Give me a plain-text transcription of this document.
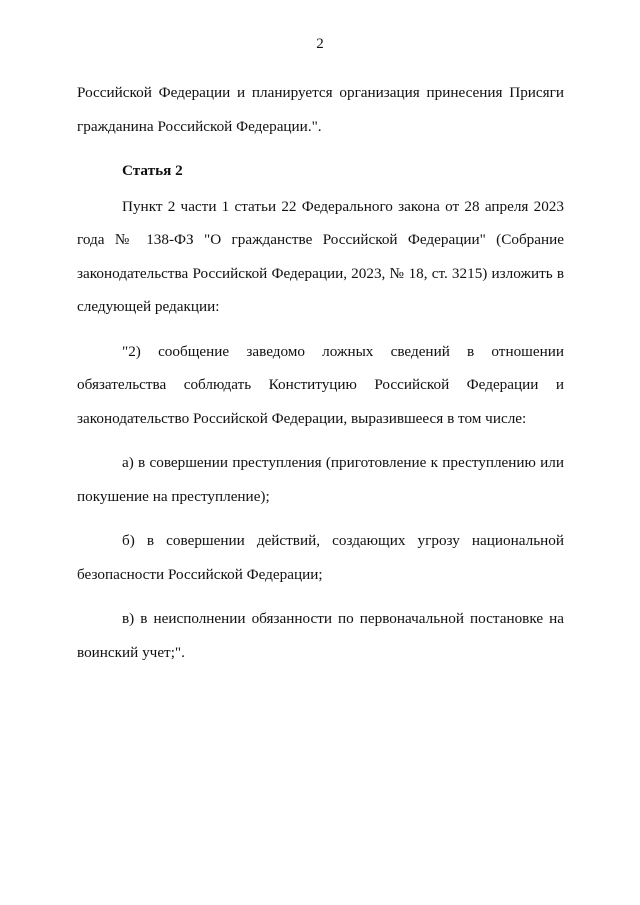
2

Российской Федерации и планируется организация принесения Присяги гражданина Российской Федерации.".

Статья 2

Пункт 2 части 1 статьи 22 Федерального закона от 28 апреля 2023 года № 138-ФЗ "О гражданстве Российской Федерации" (Собрание законодательства Российской Федерации, 2023, № 18, ст. 3215) изложить в следующей редакции:

"2) сообщение заведомо ложных сведений в отношении обязательства соблюдать Конституцию Российской Федерации и законодательство Российской Федерации, выразившееся в том числе:

а) в совершении преступления (приготовление к преступлению или покушение на преступление);

б) в совершении действий, создающих угрозу национальной безопасности Российской Федерации;

в) в неисполнении обязанности по первоначальной постановке на воинский учет;".
